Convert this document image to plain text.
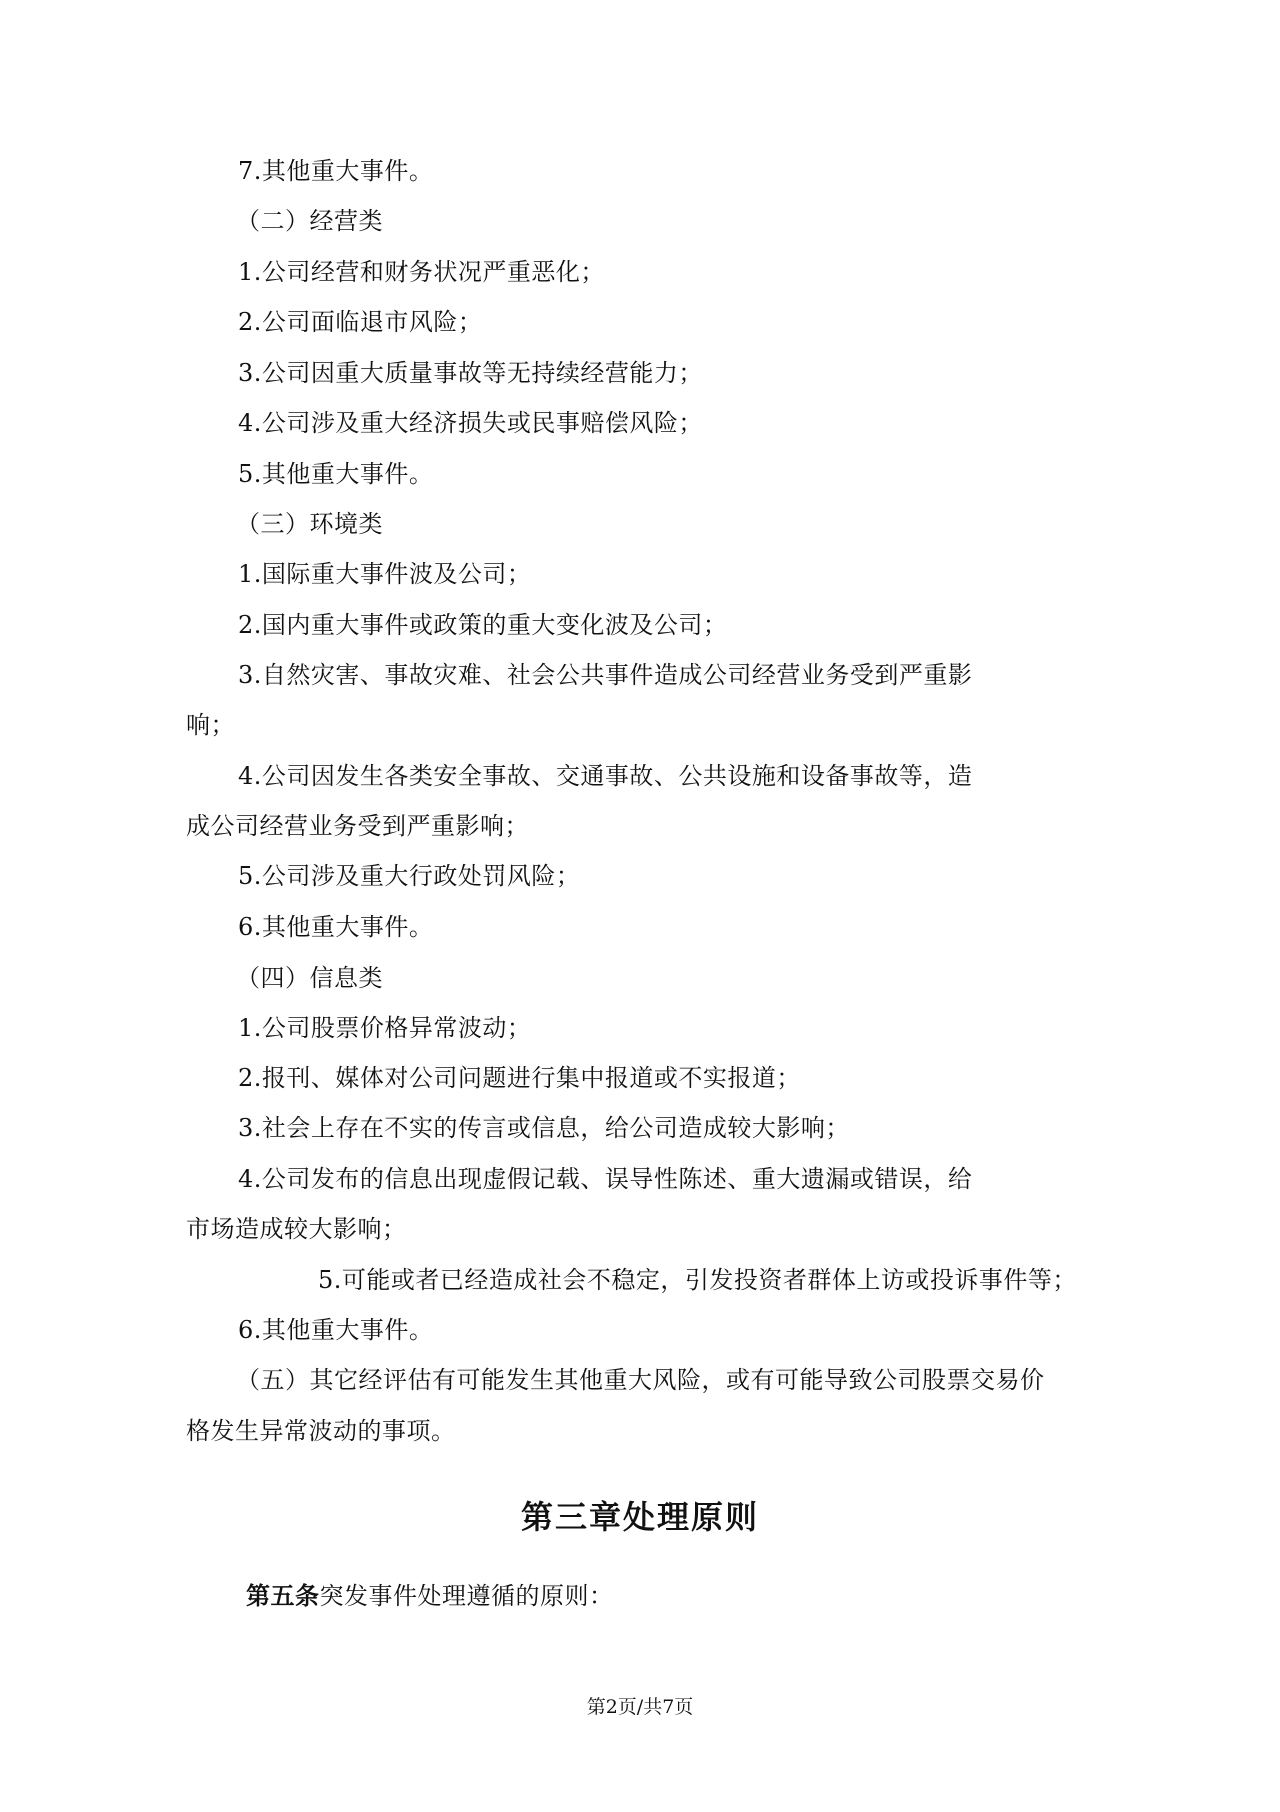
7.其他重大事件。
（二）经营类
1.公司经营和财务状况严重恶化；
2.公司面临退市风险；
3.公司因重大质量事故等无持续经营能力；
4.公司涉及重大经济损失或民事赔偿风险；
5.其他重大事件。
（三）环境类
1.国际重大事件波及公司；
2.国内重大事件或政策的重大变化波及公司；
3.自然灾害、事故灾难、社会公共事件造成公司经营业务受到严重影
响；
4.公司因发生各类安全事故、交通事故、公共设施和设备事故等，造
成公司经营业务受到严重影响；
5.公司涉及重大行政处罚风险；
6.其他重大事件。
（四）信息类
1.公司股票价格异常波动；
2.报刊、媒体对公司问题进行集中报道或不实报道；
3.社会上存在不实的传言或信息，给公司造成较大影响；
4.公司发布的信息出现虚假记载、误导性陈述、重大遗漏或错误，给
市场造成较大影响；
5.可能或者已经造成社会不稳定，引发投资者群体上访或投诉事件等；
6.其他重大事件。
（五）其它经评估有可能发生其他重大风险，或有可能导致公司股票交易价
格发生异常波动的事项。
第三章处理原则
第五条突发事件处理遵循的原则：
第2页/共7页
